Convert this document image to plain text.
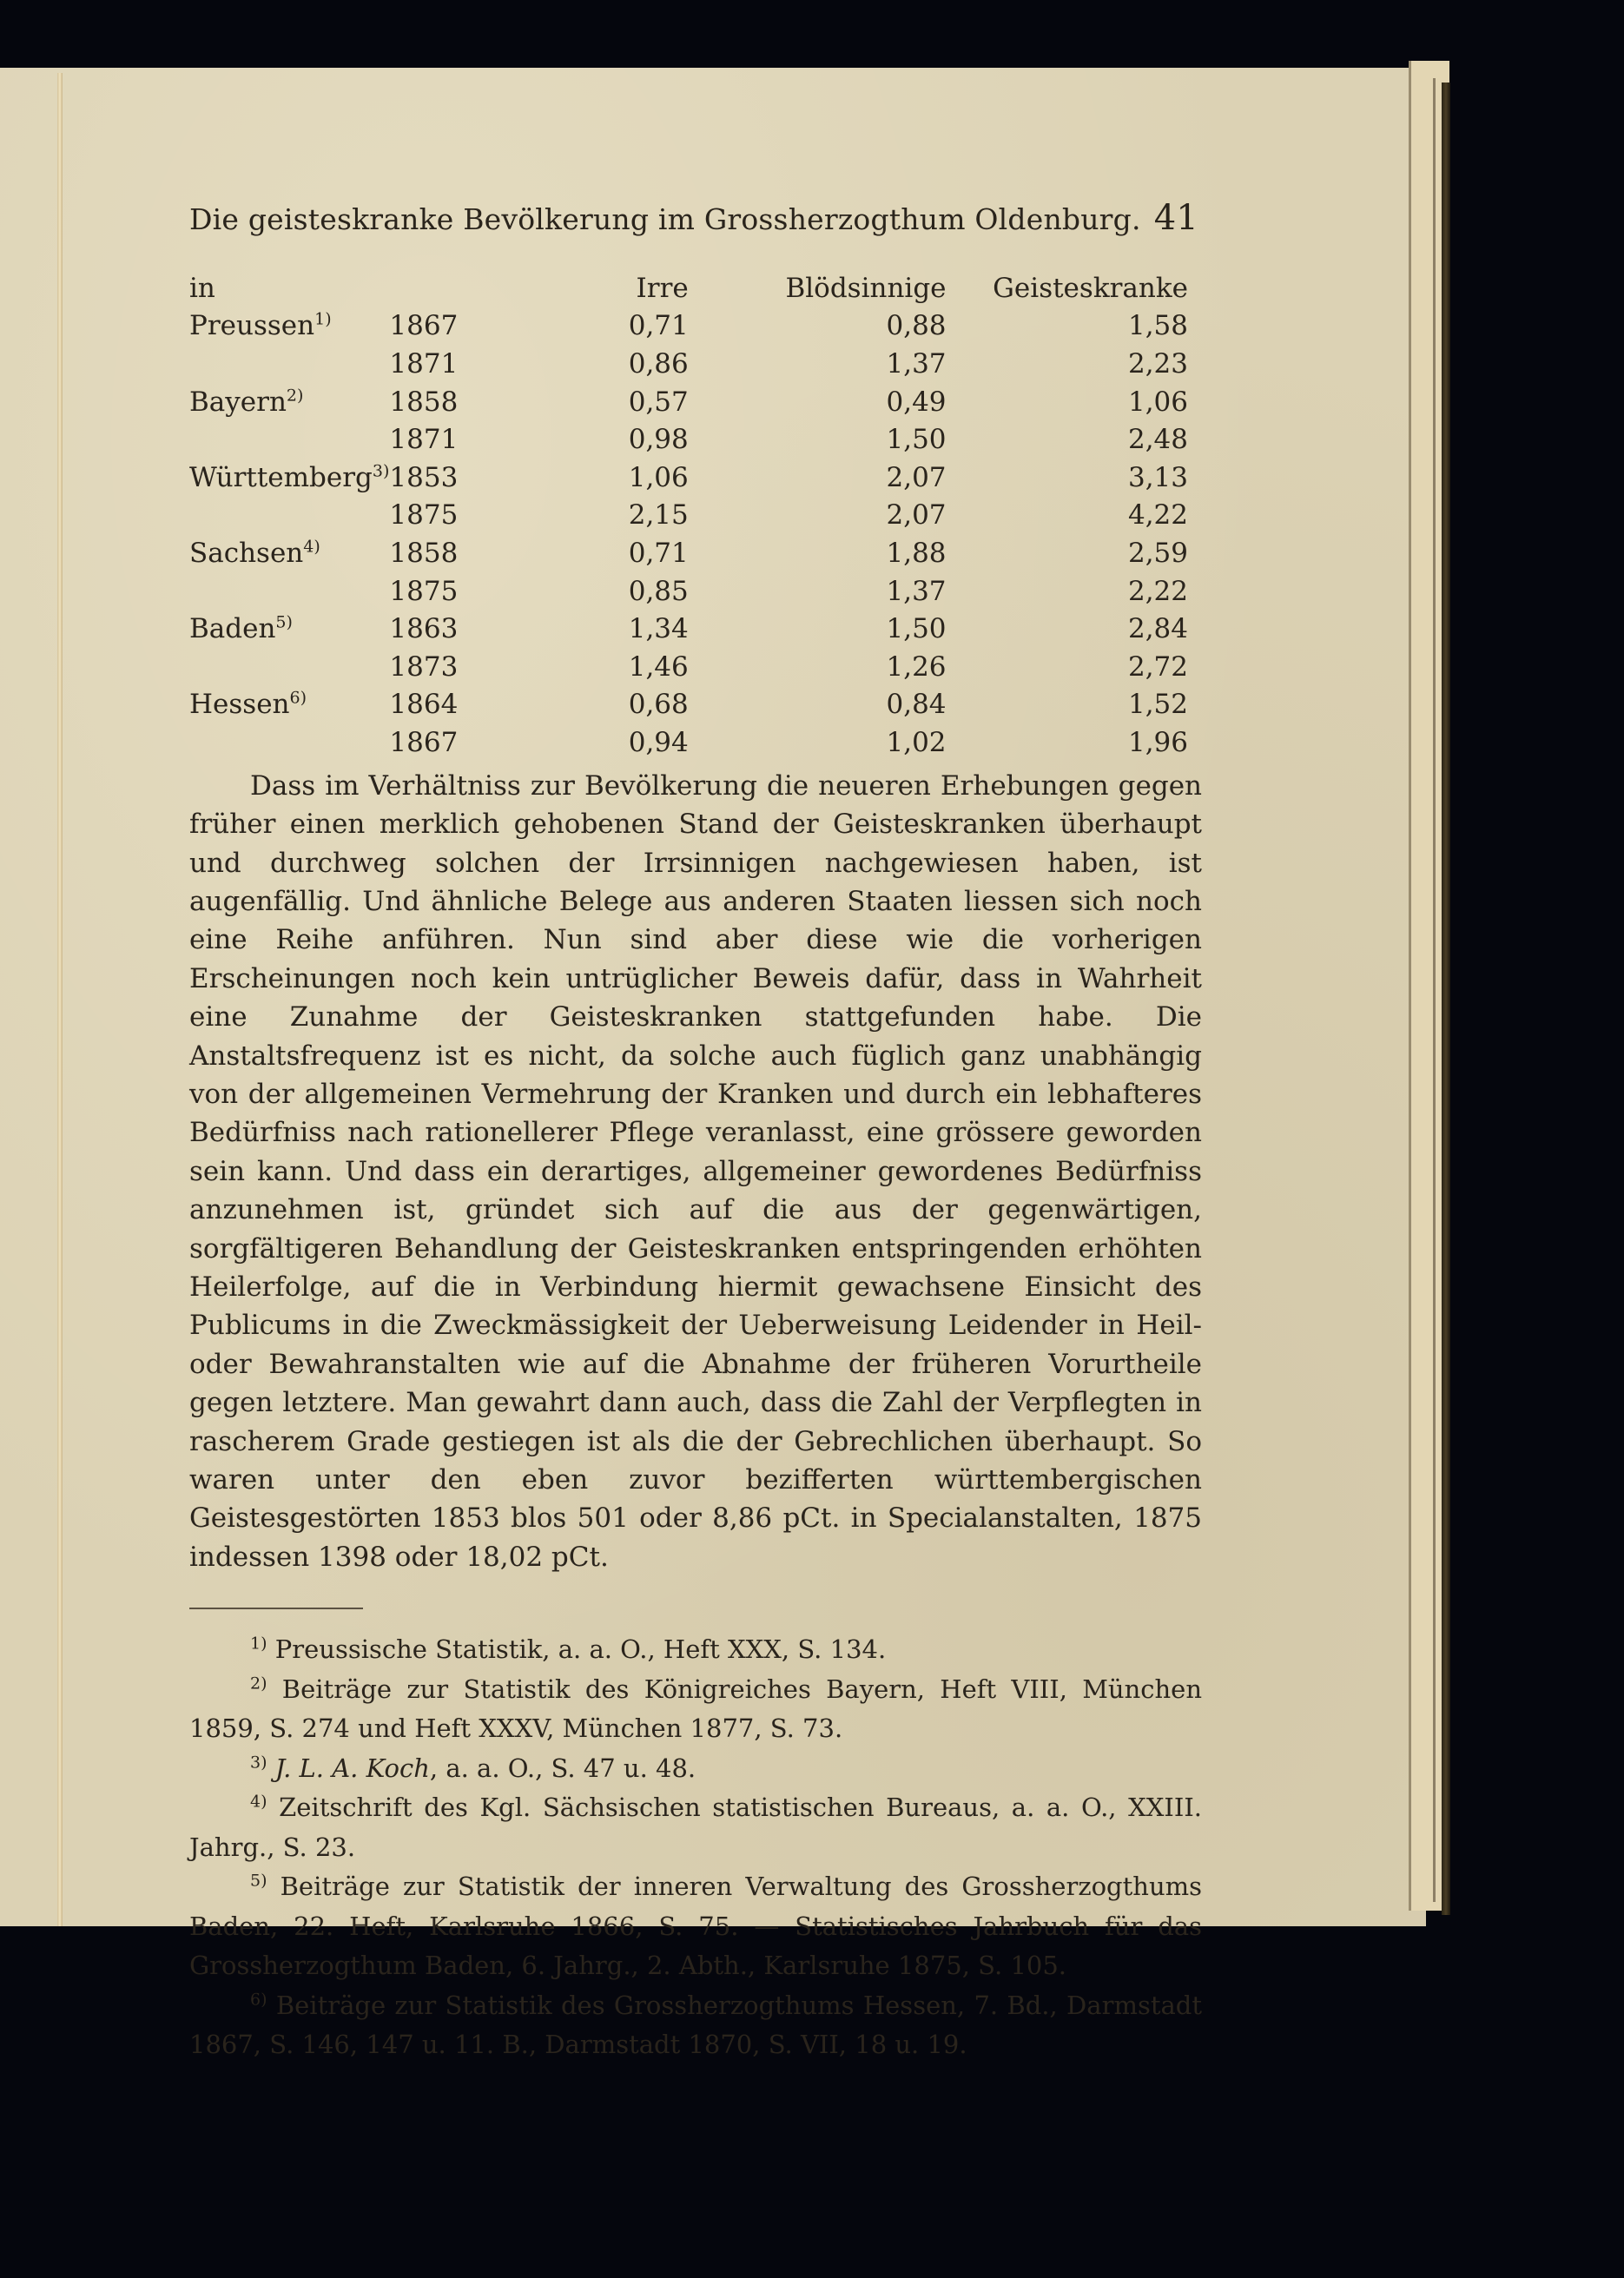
Die geisteskranke Bevölkerung im Grossherzogthum Oldenburg. 41
in		Irre	Blödsinnige	Geisteskranke
Preussen$^{1)}$	1867	0,71	0,88	1,58
	1871	0,86	1,37	2,23
Bayern$^{2)}$	1858	0,57	0,49	1,06
	1871	0,98	1,50	2,48
Württemberg$^{3)}$	1853	1,06	2,07	3,13
	1875	2,15	2,07	4,22
Sachsen$^{4)}$	1858	0,71	1,88	2,59
	1875	0,85	1,37	2,22
Baden$^{5)}$	1863	1,34	1,50	2,84
	1873	1,46	1,26	2,72
Hessen$^{6)}$	1864	0,68	0,84	1,52
	1867	0,94	1,02	1,96

Dass im Verhältniss zur Bevölkerung die neueren Erhebungen gegen früher einen merklich gehobenen Stand der Geisteskranken überhaupt und durchweg solchen der Irrsinnigen nachgewiesen haben, ist augenfällig. Und ähnliche Belege aus anderen Staaten liessen sich noch eine Reihe anführen. Nun sind aber diese wie die vorherigen Erscheinungen noch kein untrüglicher Beweis dafür, dass in Wahrheit eine Zunahme der Geisteskranken stattgefunden habe. Die Anstaltsfrequenz ist es nicht, da solche auch füglich ganz unabhängig von der allgemeinen Vermehrung der Kranken und durch ein lebhafteres Bedürfniss nach rationellerer Pflege veranlasst, eine grössere geworden sein kann. Und dass ein derartiges, allgemeiner gewordenes Bedürfniss anzunehmen ist, gründet sich auf die aus der gegenwärtigen, sorgfältigeren Behandlung der Geisteskranken entspringenden erhöhten Heilerfolge, auf die in Verbindung hiermit gewachsene Einsicht des Publicums in die Zweckmässigkeit der Ueberweisung Leidender in Heil- oder Bewahranstalten wie auf die Abnahme der früheren Vorurtheile gegen letztere. Man gewahrt dann auch, dass die Zahl der Verpflegten in rascherem Grade gestiegen ist als die der Gebrechlichen überhaupt. So waren unter den eben zuvor bezifferten württembergischen Geistesgestörten 1853 blos 501 oder 8,86 pCt. in Specialanstalten, 1875 indessen 1398 oder 18,02 pCt.

$^{1)}$ Preussische Statistik, a. a. O., Heft XXX, S. 134.

$^{2)}$ Beiträge zur Statistik des Königreiches Bayern, Heft VIII, München 1859, S. 274 und Heft XXXV, München 1877, S. 73.

$^{3)}$ J. L. A. Koch, a. a. O., S. 47 u. 48.

$^{4)}$ Zeitschrift des Kgl. Sächsischen statistischen Bureaus, a. a. O., XXIII. Jahrg., S. 23.

$^{5)}$ Beiträge zur Statistik der inneren Verwaltung des Grossherzogthums Baden, 22. Heft, Karlsruhe 1866, S. 75. — Statistisches Jahrbuch für das Grossherzogthum Baden, 6. Jahrg., 2. Abth., Karlsruhe 1875, S. 105.

$^{6)}$ Beiträge zur Statistik des Grossherzogthums Hessen, 7. Bd., Darmstadt 1867, S. 146, 147 u. 11. B., Darmstadt 1870, S. VII, 18 u. 19.
